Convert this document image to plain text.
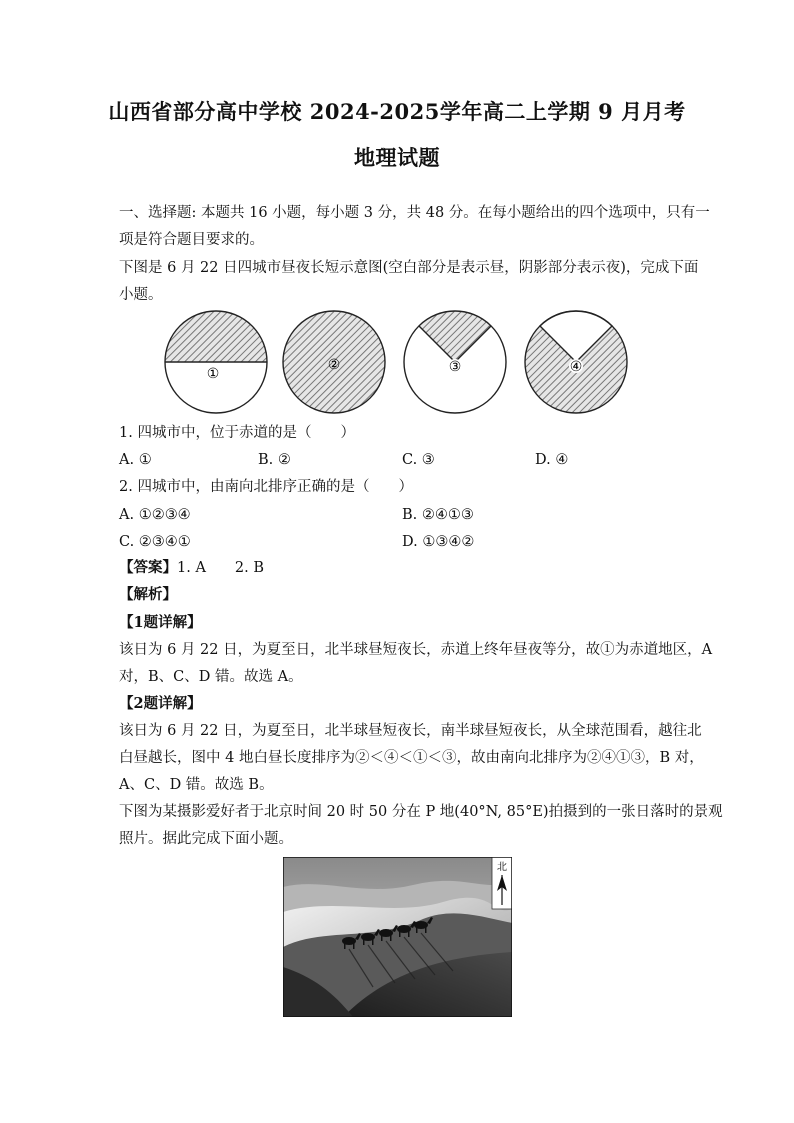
山西省部分高中学校 2024-2025学年高二上学期 9 月月考
地理试题
一、选择题: 本题共 16 小题，每小题 3 分，共 48 分。在每小题给出的四个选项中，只有一
项是符合题目要求的。
下图是 6 月 22 日四城市昼夜长短示意图(空白部分是表示昼，阴影部分表示夜)，完成下面
小题。
①
②	③	④
1. 四城市中，位于赤道的是（　　）
A. ①	B. ②	C. ③	D. ④
2. 四城市中，由南向北排序正确的是（　　）
A. ①②③④	B. ②④①③
C. ②③④①	D. ①③④②
【答案】1. A　　2. B
【解析】
【1题详解】
该日为 6 月 22 日，为夏至日，北半球昼短夜长，赤道上终年昼夜等分，故①为赤道地区，A
对，B、C、D 错。故选 A。
【2题详解】
该日为 6 月 22 日，为夏至日，北半球昼短夜长，南半球昼短夜长，从全球范围看，越往北
白昼越长，图中 4 地白昼长度排序为②＜④＜①＜③，故由南向北排序为②④①③，B 对，
A、C、D 错。故选 B。
下图为某摄影爱好者于北京时间 20 时 50 分在 P 地(40°N, 85°E)拍摄到的一张日落时的景观
照片。据此完成下面小题。
北
